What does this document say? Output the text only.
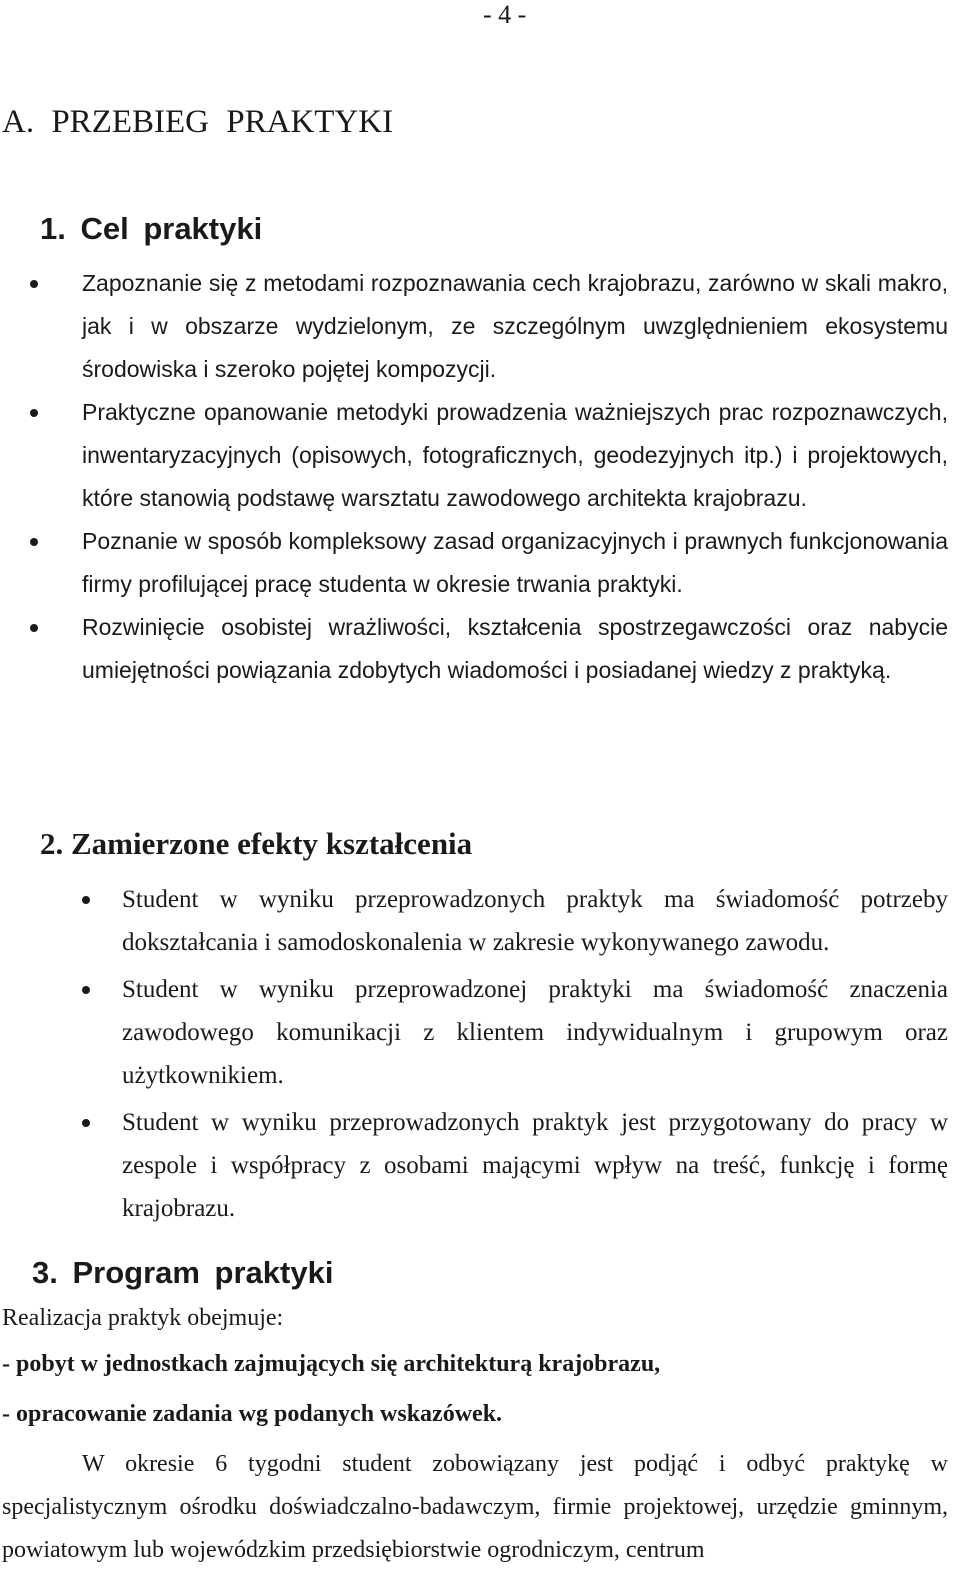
- 4 -
A. PRZEBIEG PRAKTYKI
1. Cel praktyki
Zapoznanie się z metodami rozpoznawania cech krajobrazu, zarówno w skali makro, jak i w obszarze wydzielonym, ze szczególnym uwzględnieniem ekosystemu środowiska i szeroko pojętej kompozycji.
Praktyczne opanowanie metodyki prowadzenia ważniejszych prac rozpoznawczych, inwentaryzacyjnych (opisowych, fotograficznych, geodezyjnych itp.) i projektowych, które stanowią podstawę warsztatu zawodowego architekta krajobrazu.
Poznanie w sposób kompleksowy zasad organizacyjnych i prawnych funkcjonowania firmy profilującej pracę studenta w okresie trwania praktyki.
Rozwinięcie osobistej wrażliwości, kształcenia spostrzegawczości oraz nabycie umiejętności powiązania zdobytych wiadomości i posiadanej wiedzy z praktyką.
2. Zamierzone efekty kształcenia
Student w wyniku przeprowadzonych praktyk ma świadomość potrzeby dokształcania i samodoskonalenia w zakresie wykonywanego zawodu.
Student w wyniku przeprowadzonej praktyki ma świadomość znaczenia zawodowego komunikacji z klientem indywidualnym i grupowym oraz użytkownikiem.
Student w wyniku przeprowadzonych praktyk jest przygotowany do pracy w zespole i współpracy z osobami mającymi wpływ na treść, funkcję i formę krajobrazu.
3. Program praktyki
Realizacja praktyk obejmuje:
- pobyt w jednostkach zajmujących się architekturą krajobrazu,
- opracowanie zadania wg podanych wskazówek.
W okresie 6 tygodni student zobowiązany jest podjąć i odbyć praktykę w specjalistycznym ośrodku doświadczalno-badawczym, firmie projektowej, urzędzie gminnym, powiatowym lub wojewódzkim przedsiębiorstwie ogrodniczym, centrum
